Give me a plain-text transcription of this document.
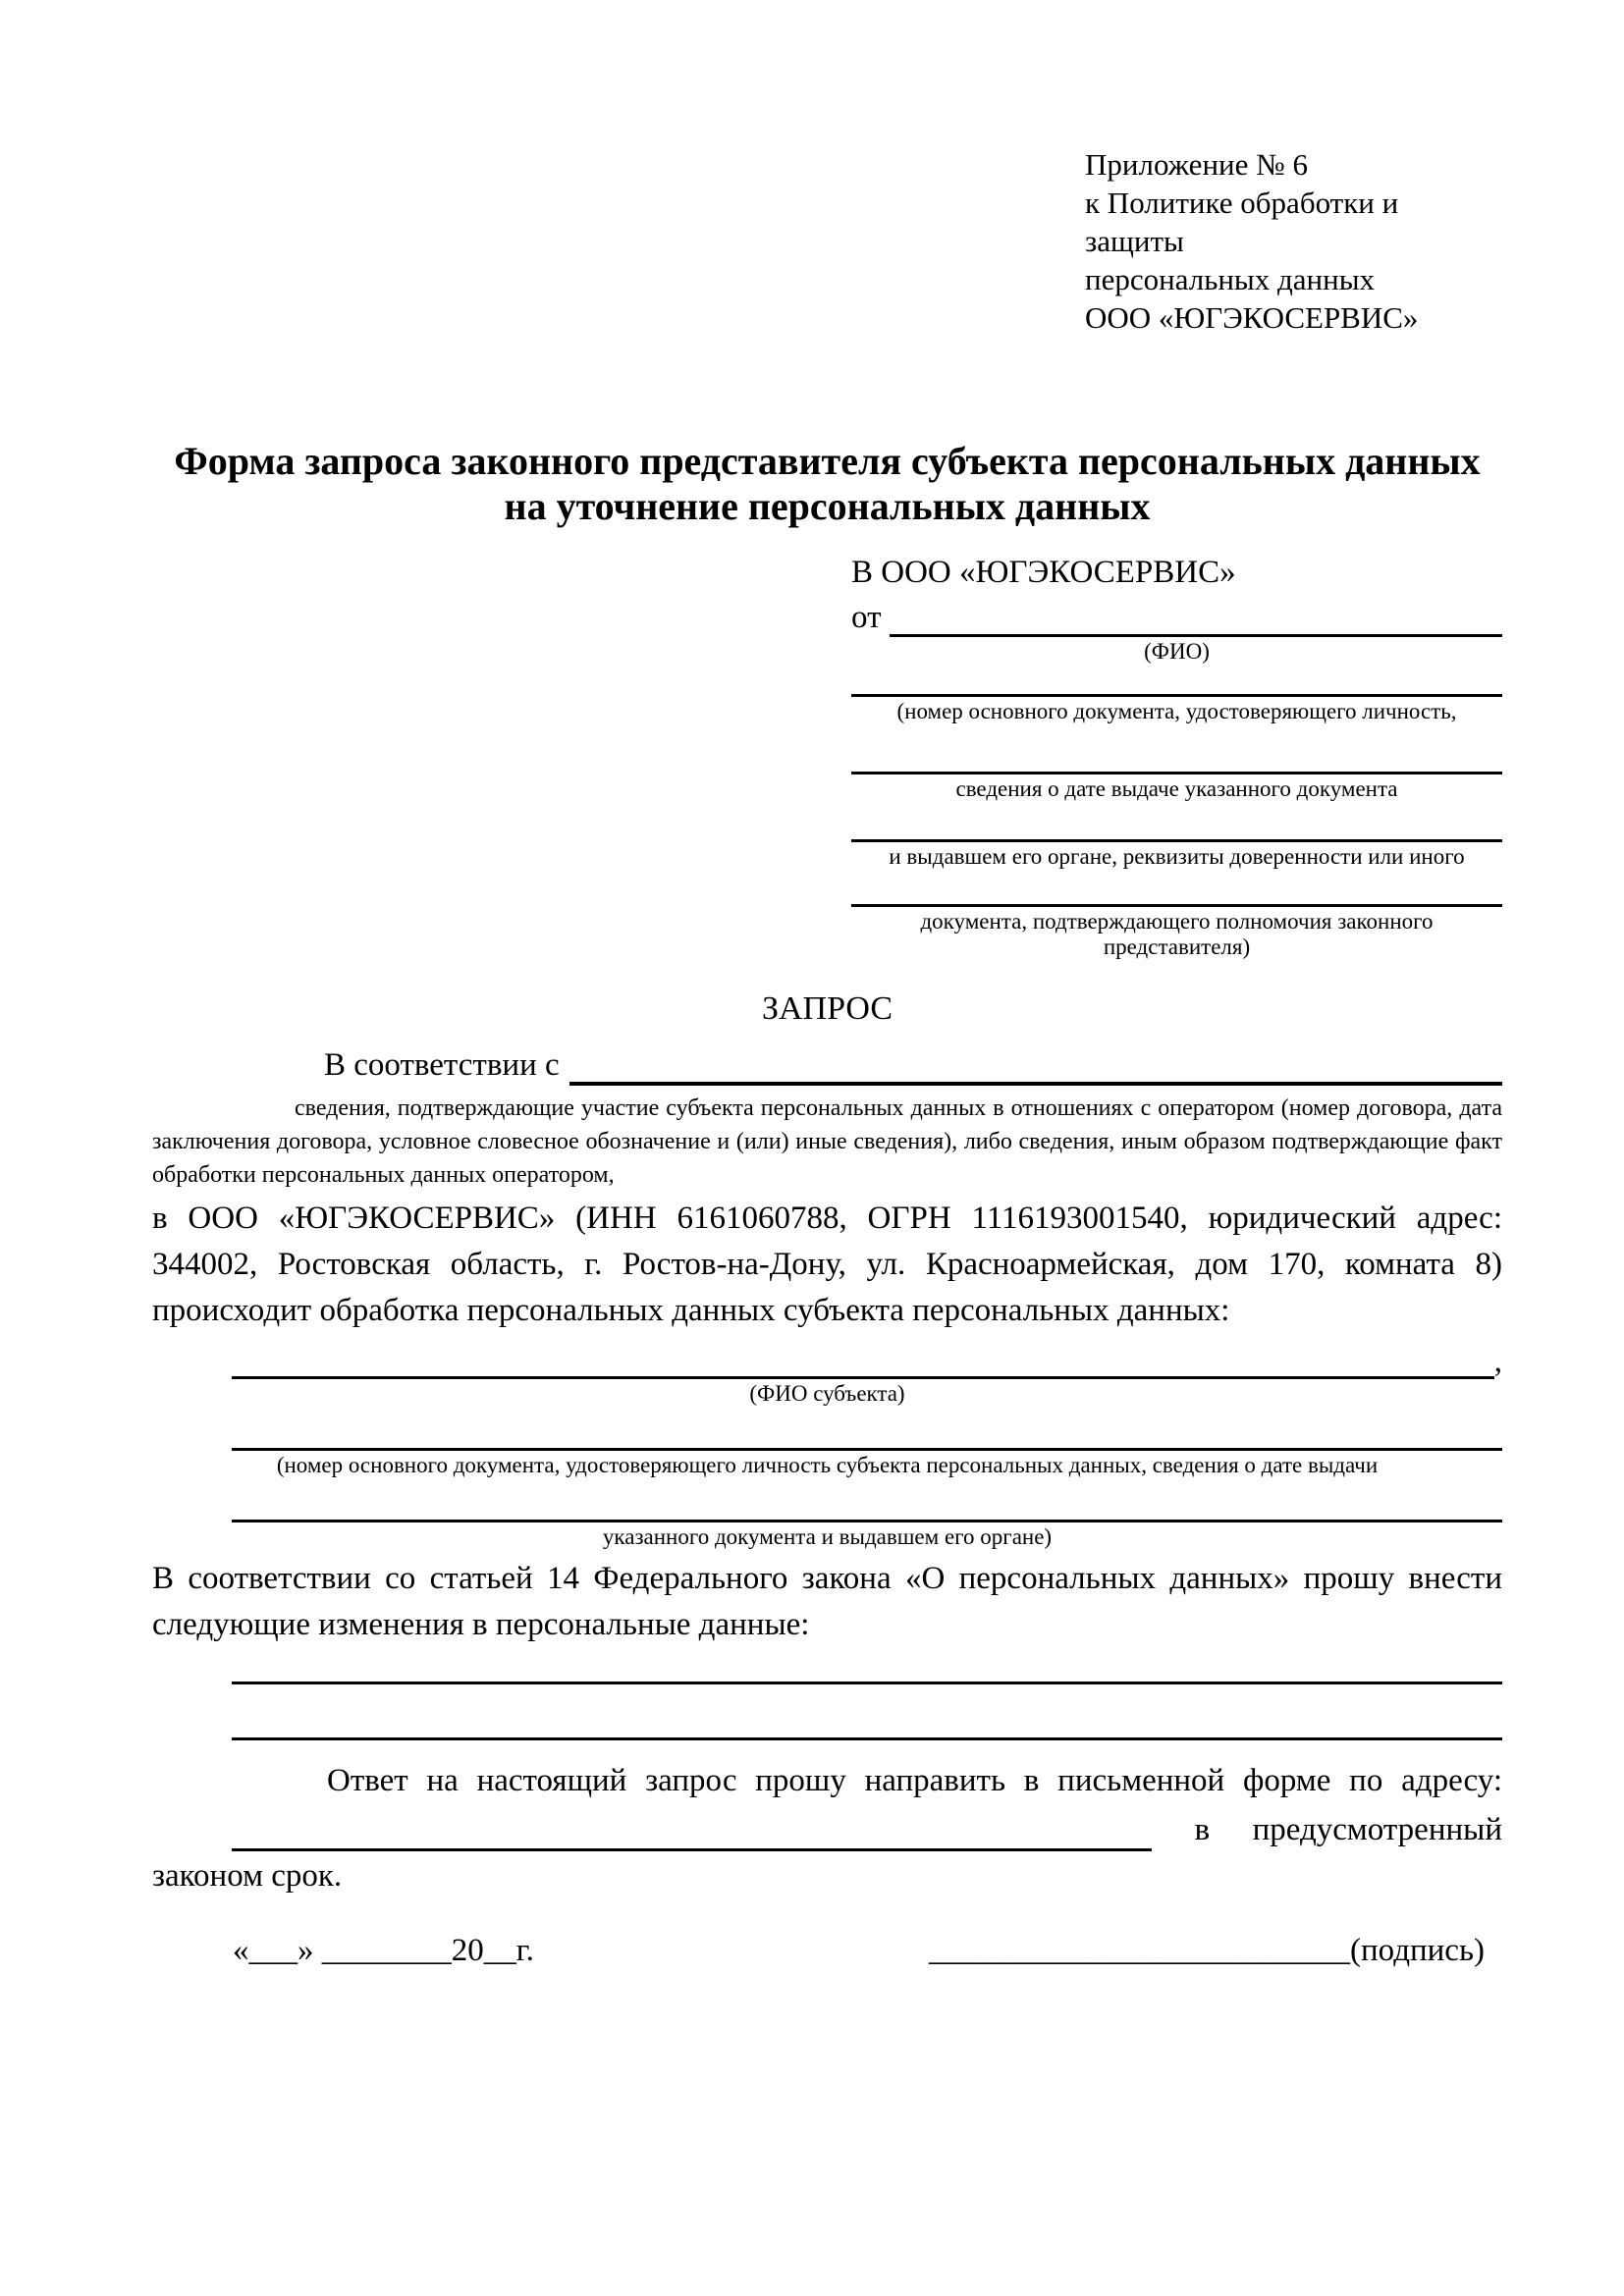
Приложение № 6
к Политике обработки и защиты
персональных данных
ООО «ЮГЭКОСЕРВИС»
Форма запроса законного представителя субъекта персональных данных
на уточнение персональных данных
В ООО «ЮГЭКОСЕРВИС»
от
(ФИО)
(номер основного документа, удостоверяющего личность,
сведения о дате выдаче указанного документа
и выдавшем его органе, реквизиты доверенности или иного
документа, подтверждающего полномочия законного представителя)
ЗАПРОС
В соответствии с
сведения, подтверждающие участие субъекта персональных данных в отношениях с оператором (номер договора, дата заключения договора, условное словесное обозначение и (или) иные сведения), либо сведения, иным образом подтверждающие факт обработки персональных данных оператором,
в ООО «ЮГЭКОСЕРВИС» (ИНН 6161060788, ОГРН 1116193001540, юридический адрес: 344002, Ростовская область, г. Ростов-на-Дону, ул. Красноармейская, дом 170, комната 8) происходит обработка персональных данных субъекта персональных данных:
,
(ФИО субъекта)
(номер основного документа, удостоверяющего личность субъекта персональных данных, сведения о дате выдачи
указанного документа и выдавшем его органе)
В соответствии со статьей 14 Федерального закона «О персональных данных» прошу внести следующие изменения в персональные данные:
Ответ на настоящий запрос прошу направить в письменной форме по адресу:
в предусмотренный
законом срок.
«___» ________20__г.	__________________________(подпись)
